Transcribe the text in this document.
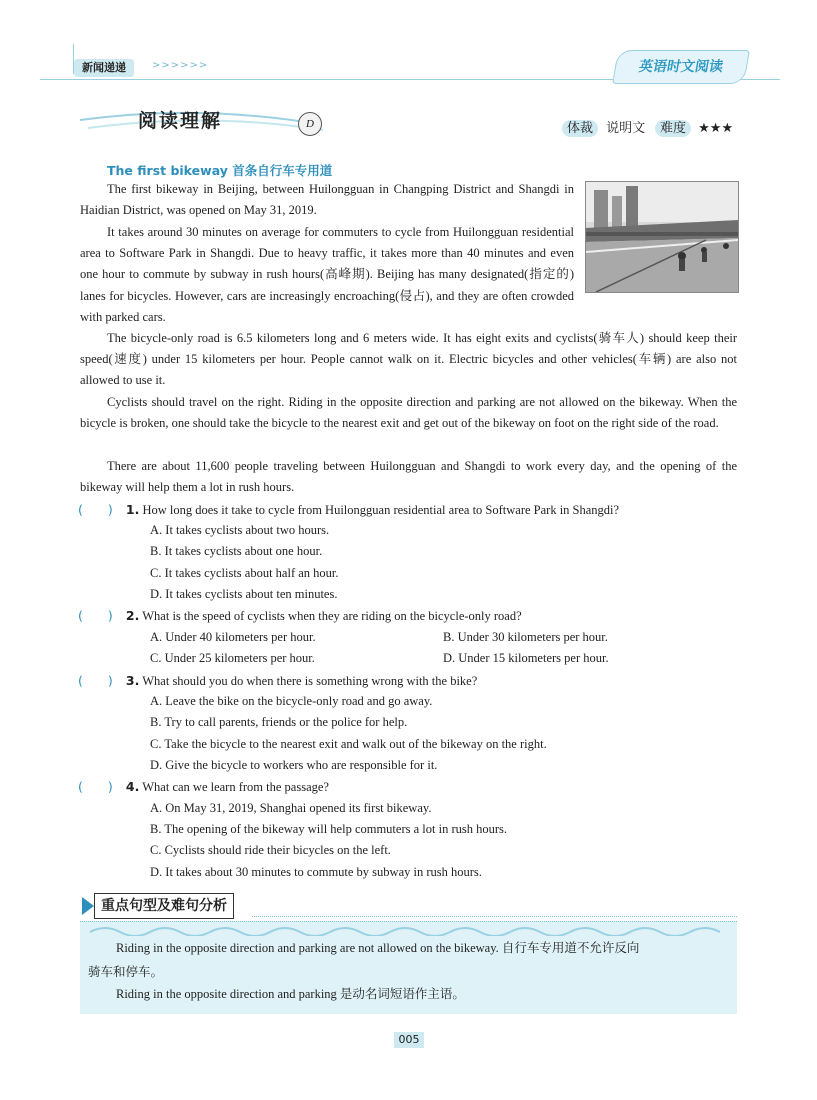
新闻递递	>>>>>>	英语时文阅读
阅读理解	D	体裁 说明文	难度 ★★★
The first bikeway 首条自行车专用道
The first bikeway in Beijing, between Huilongguan in Changping District and Shangdi in Haidian District, was opened on May 31, 2019.
It takes around 30 minutes on average for commuters to cycle from Huilongguan residential area to Software Park in Shangdi. Due to heavy traffic, it takes more than 40 minutes and even one hour to commute by subway in rush hours(高峰期). Beijing has many designated(指定的) lanes for bicycles. However, cars are increasingly encroaching(侵占), and they are often crowded with parked cars.
The bicycle-only road is 6.5 kilometers long and 6 meters wide. It has eight exits and cyclists(骑车人) should keep their speed(速度) under 15 kilometers per hour. People cannot walk on it. Electric bicycles and other vehicles(车辆) are also not allowed to use it.
Cyclists should travel on the right. Riding in the opposite direction and parking are not allowed on the bikeway. When the bicycle is broken, one should take the bicycle to the nearest exit and get out of the bikeway on foot on the right side of the road.
There are about 11,600 people traveling between Huilongguan and Shangdi to work every day, and the opening of the bikeway will help them a lot in rush hours.
(　　) 1. How long does it take to cycle from Huilongguan residential area to Software Park in Shangdi?
A. It takes cyclists about two hours.
B. It takes cyclists about one hour.
C. It takes cyclists about half an hour.
D. It takes cyclists about ten minutes.
(　　) 2. What is the speed of cyclists when they are riding on the bicycle-only road?
A. Under 40 kilometers per hour.	B. Under 30 kilometers per hour.
C. Under 25 kilometers per hour.	D. Under 15 kilometers per hour.
(　　) 3. What should you do when there is something wrong with the bike?
A. Leave the bike on the bicycle-only road and go away.
B. Try to call parents, friends or the police for help.
C. Take the bicycle to the nearest exit and walk out of the bikeway on the right.
D. Give the bicycle to workers who are responsible for it.
(　　) 4. What can we learn from the passage?
A. On May 31, 2019, Shanghai opened its first bikeway.
B. The opening of the bikeway will help commuters a lot in rush hours.
C. Cyclists should ride their bicycles on the left.
D. It takes about 30 minutes to commute by subway in rush hours.
重点句型及难句分析
Riding in the opposite direction and parking are not allowed on the bikeway. 自行车专用道不允许反向
骑车和停车。
Riding in the opposite direction and parking 是动名词短语作主语。
005
